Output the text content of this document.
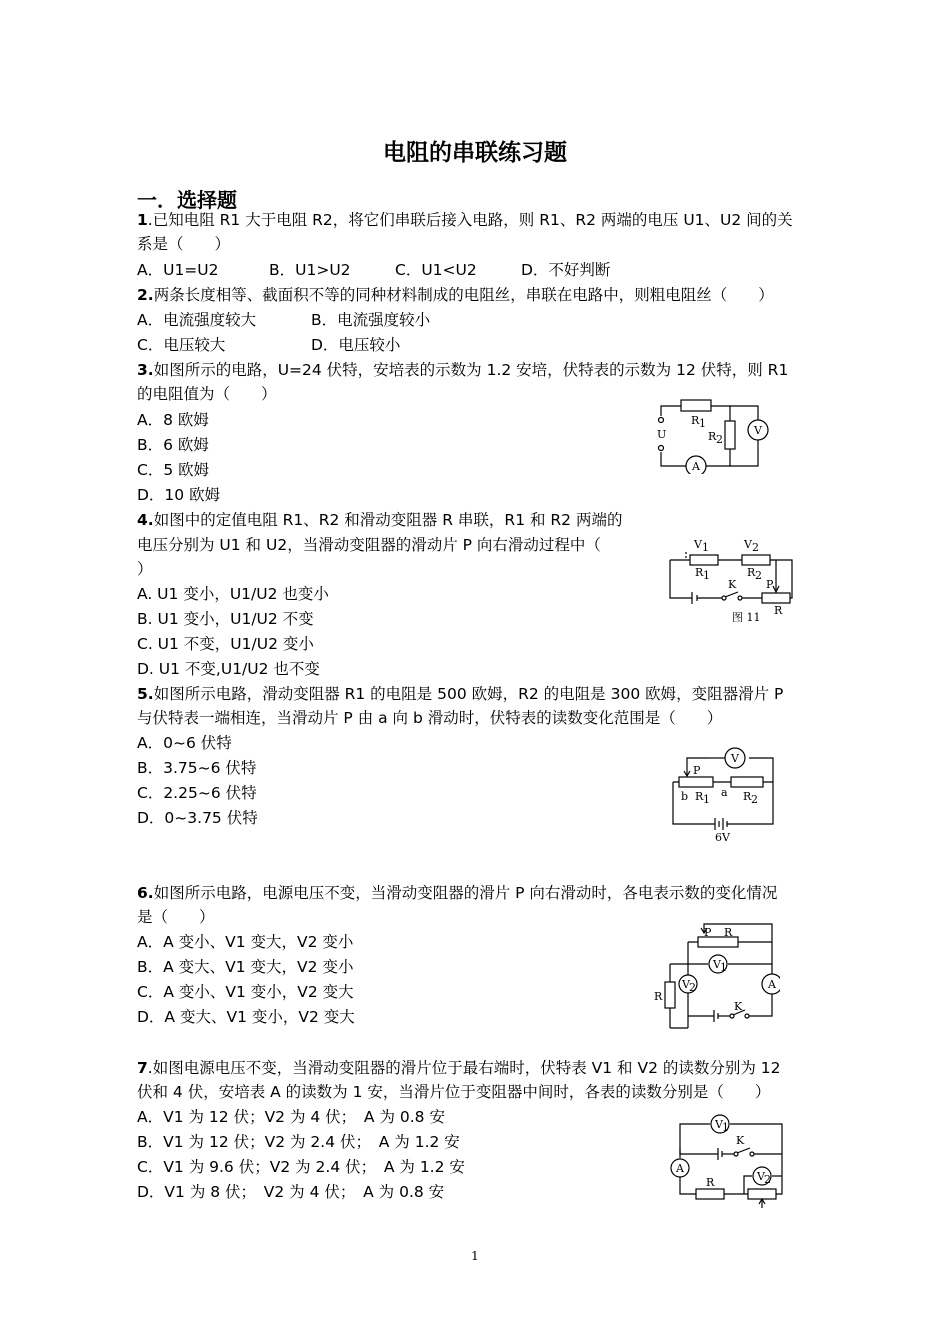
电阻的串联练习题
一．选择题
1.已知电阻 R1 大于电阻 R2，将它们串联后接入电路，则 R1、R2 两端的电压 U1、U2 间的关
系是（　　）
A．U1=U2	B．U1>U2	C．U1<U2	D．不好判断
2.两条长度相等、截面积不等的同种材料制成的电阻丝，串联在电路中，则粗电阻丝（　　）
A．电流强度较大	B．电流强度较小
C．电压较大	D．电压较小
3.如图所示的电路，U=24 伏特，安培表的示数为 1.2 安培，伏特表的示数为 12 伏特，则 R1
的电阻值为（　　）
A．8 欧姆
B．6 欧姆
C．5 欧姆
D．10 欧姆
U
R 1
R 2
V
A
4.如图中的定值电阻 R1、R2 和滑动变阻器 R 串联，R1 和 R2 两端的
电压分别为 U1 和 U2，当滑动变阻器的滑动片 P 向右滑动过程中（
）
A. U1 变小，U1/U2 也变小
B. U1 变小，U1/U2 不变
C. U1 不变，U1/U2 变小
D. U1 不变,U1/U2 也不变
V 1	V 2
R 1	R 2
K	P
R
图 11
5.如图所示电路，滑动变阻器 R1 的电阻是 500 欧姆，R2 的电阻是 300 欧姆，变阻器滑片 P
与伏特表一端相连，当滑动片 P 由 a 向 b 滑动时，伏特表的读数变化范围是（　　）
A．0~6 伏特
B．3.75~6 伏特
C．2.25~6 伏特
D．0~3.75 伏特
V
P
b R 1
a R 2
6V
6.如图所示电路，电源电压不变，当滑动变阻器的滑片 P 向右滑动时，各电表示数的变化情况
是（　　）
A．A 变小、V1 变大，V2 变小
B．A 变大、V1 变大，V2 变小
C．A 变小、V1 变小，V2 变大
D．A 变大、V1 变小，V2 变大
P R
V 1
V 2
R
A
K
7.如图电源电压不变，当滑动变阻器的滑片位于最右端时，伏特表 V1 和 V2 的读数分别为 12
伏和 4 伏，安培表 A 的读数为 1 安，当滑片位于变阻器中间时，各表的读数分别是（　　）
A．V1 为 12 伏；V2 为 4 伏；　A 为 0.8 安
B．V1 为 12 伏；V2 为 2.4 伏；　A 为 1.2 安
C．V1 为 9.6 伏；V2 为 2.4 伏；　A 为 1.2 安
D．V1 为 8 伏；　V2 为 4 伏；　A 为 0.8 安
V 1
K
A
R	V 2
1
